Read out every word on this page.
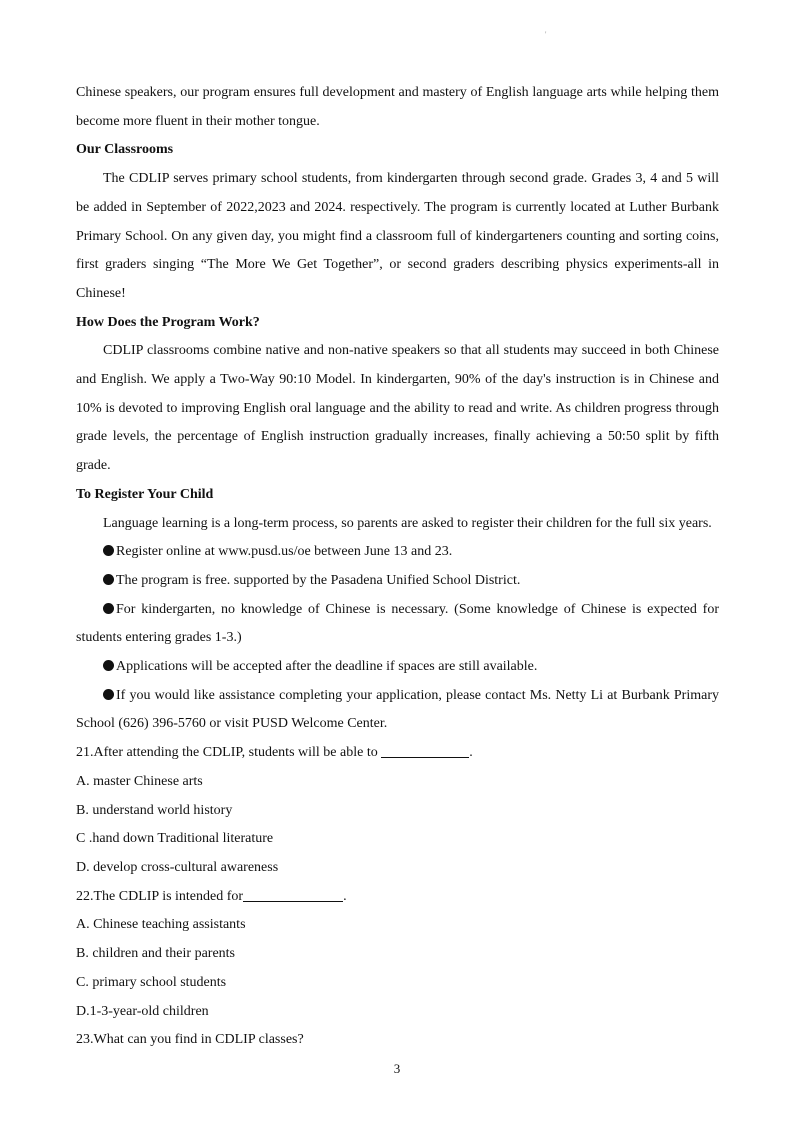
'

Chinese speakers, our program ensures full development and mastery of English language arts while helping them become more fluent in their mother tongue.

Our Classrooms

The CDLIP serves primary school students, from kindergarten through second grade. Grades 3, 4 and 5 will be added in September of 2022,2023 and 2024. respectively. The program is currently located at Luther Burbank Primary School. On any given day, you might find a classroom full of kindergarteners counting and sorting coins, first graders singing “The More We Get Together”, or second graders describing physics experiments-all in Chinese!

How Does the Program Work?

CDLIP classrooms combine native and non-native speakers so that all students may succeed in both Chinese and English. We apply a Two-Way 90:10 Model. In kindergarten, 90% of the day's instruction is in Chinese and 10% is devoted to improving English oral language and the ability to read and write. As children progress through grade levels, the percentage of English instruction gradually increases, finally achieving a 50:50 split by fifth grade.

To Register Your Child

Language learning is a long-term process, so parents are asked to register their children for the full six years.

Register online at www.pusd.us/oe between June 13 and 23.

The program is free. supported by the Pasadena Unified School District.

For kindergarten, no knowledge of Chinese is necessary. (Some knowledge of Chinese is expected for students entering grades 1-3.)

Applications will be accepted after the deadline if spaces are still available.

If you would like assistance completing your application, please contact Ms. Netty Li at Burbank Primary School (626) 396-5760 or visit PUSD Welcome Center.

21.After attending the CDLIP, students will be able to	.

A. master Chinese arts

B. understand world history

C .hand down Traditional literature

D. develop cross-cultural awareness

22.The CDLIP is intended for	.

A. Chinese teaching assistants

B. children and their parents

C. primary school students

D.1-3-year-old children

23.What can you find in CDLIP classes?

3
